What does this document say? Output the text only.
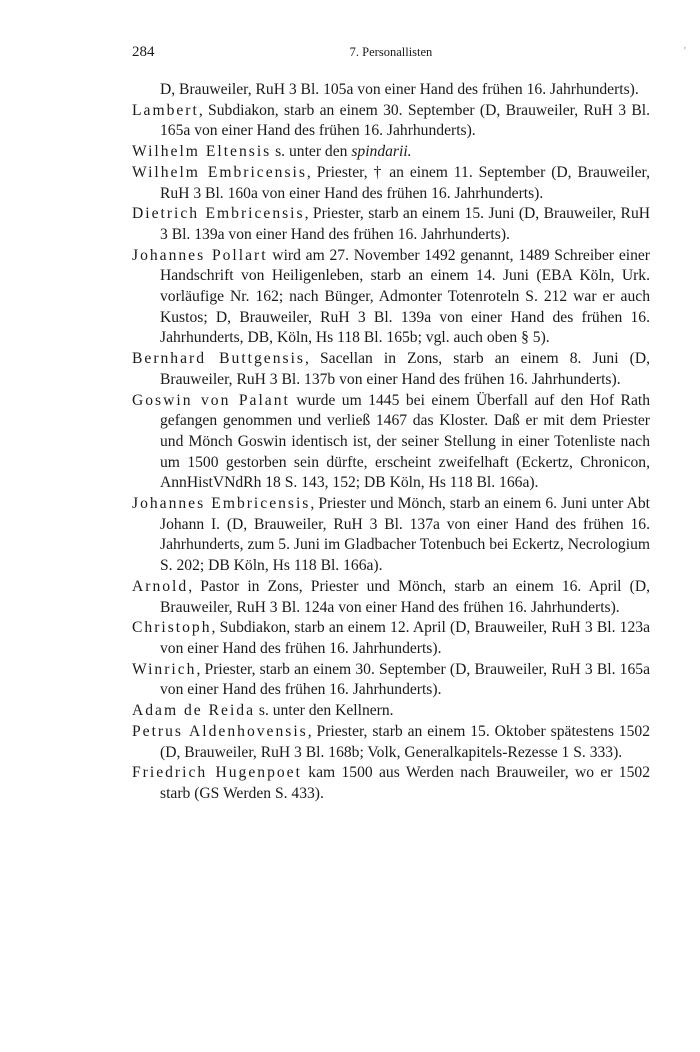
284	7. Personallisten	'

D, Brauweiler, RuH 3 Bl. 105a von einer Hand des frühen 16. Jahrhunderts).

Lambert, Subdiakon, starb an einem 30. September (D, Brauweiler, RuH 3 Bl. 165a von einer Hand des frühen 16. Jahrhunderts).

Wilhelm Eltensis s. unter den spindarii.

Wilhelm Embricensis, Priester, † an einem 11. September (D, Brauweiler, RuH 3 Bl. 160a von einer Hand des frühen 16. Jahrhunderts).

Dietrich Embricensis, Priester, starb an einem 15. Juni (D, Brauweiler, RuH 3 Bl. 139a von einer Hand des frühen 16. Jahrhunderts).

Johannes Pollart wird am 27. November 1492 genannt, 1489 Schreiber einer Handschrift von Heiligenleben, starb an einem 14. Juni (EBA Köln, Urk. vorläufige Nr. 162; nach Bünger, Admonter Totenroteln S. 212 war er auch Kustos; D, Brauweiler, RuH 3 Bl. 139a von einer Hand des frühen 16. Jahrhunderts, DB, Köln, Hs 118 Bl. 165b; vgl. auch oben § 5).

Bernhard Buttgensis, Sacellan in Zons, starb an einem 8. Juni (D, Brauweiler, RuH 3 Bl. 137b von einer Hand des frühen 16. Jahrhunderts).

Goswin von Palant wurde um 1445 bei einem Überfall auf den Hof Rath gefangen genommen und verließ 1467 das Kloster. Daß er mit dem Priester und Mönch Goswin identisch ist, der seiner Stellung in einer Totenliste nach um 1500 gestorben sein dürfte, erscheint zweifelhaft (Eckertz, Chronicon, AnnHistVNdRh 18 S. 143, 152; DB Köln, Hs 118 Bl. 166a).

Johannes Embricensis, Priester und Mönch, starb an einem 6. Juni unter Abt Johann I. (D, Brauweiler, RuH 3 Bl. 137a von einer Hand des frühen 16. Jahrhunderts, zum 5. Juni im Gladbacher Totenbuch bei Eckertz, Necrologium S. 202; DB Köln, Hs 118 Bl. 166a).

Arnold, Pastor in Zons, Priester und Mönch, starb an einem 16. April (D, Brauweiler, RuH 3 Bl. 124a von einer Hand des frühen 16. Jahrhunderts).

Christoph, Subdiakon, starb an einem 12. April (D, Brauweiler, RuH 3 Bl. 123a von einer Hand des frühen 16. Jahrhunderts).

Winrich, Priester, starb an einem 30. September (D, Brauweiler, RuH 3 Bl. 165a von einer Hand des frühen 16. Jahrhunderts).

Adam de Reida s. unter den Kellnern.

Petrus Aldenhovensis, Priester, starb an einem 15. Oktober spätestens 1502 (D, Brauweiler, RuH 3 Bl. 168b; Volk, Generalkapitels-Rezesse 1 S. 333).

Friedrich Hugenpoet kam 1500 aus Werden nach Brauweiler, wo er 1502 starb (GS Werden S. 433).
